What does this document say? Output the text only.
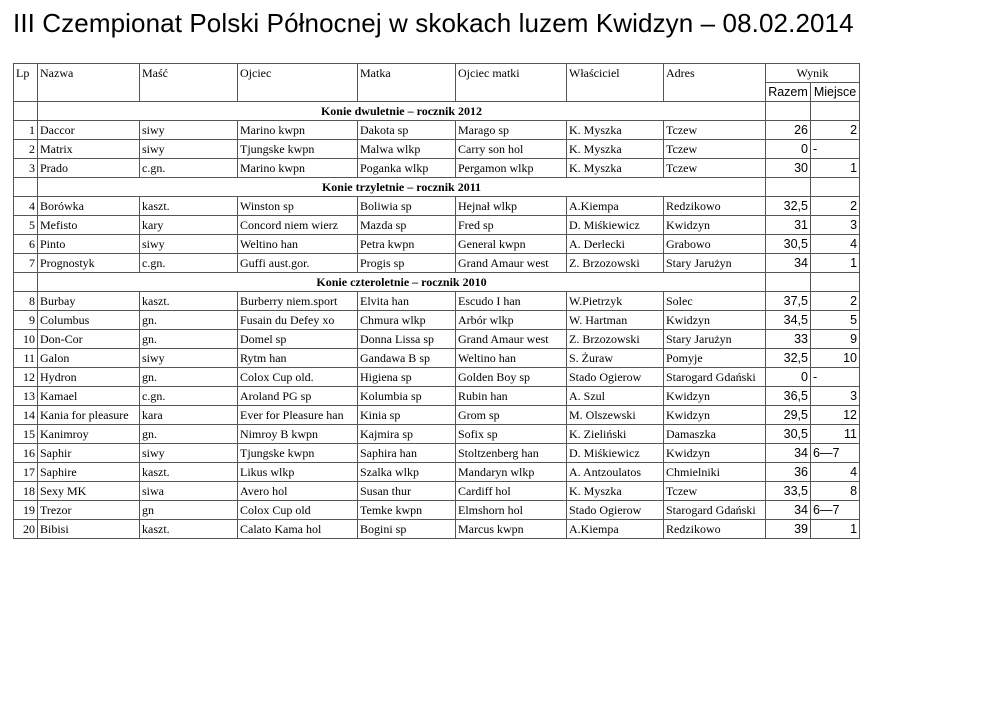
III Czempionat Polski Północnej w skokach luzem Kwidzyn – 08.02.2014
Lp	Nazwa	Maść	Ojciec	Matka	Ojciec matki	Właściciel	Adres	Wynik	
								Razem	Miejsce
	Konie dwuletnie – rocznik 2012								
1	Daccor	siwy	Marino kwpn	Dakota sp	Marago sp	K. Myszka	Tczew	26	2
2	Matrix	siwy	Tjungske kwpn	Malwa wlkp	Carry son hol	K. Myszka	Tczew	0	-
3	Prado	c.gn.	Marino kwpn	Poganka wlkp	Pergamon wlkp	K. Myszka	Tczew	30	1
	Konie trzyletnie – rocznik 2011								
4	Borówka	kaszt.	Winston sp	Boliwia sp	Hejnał wlkp	A.Kiempa	Redzikowo	32,5	2
5	Mefisto	kary	Concord niem wierz	Mazda sp	Fred sp	D. Miśkiewicz	Kwidzyn	31	3
6	Pinto	siwy	Weltino han	Petra kwpn	General kwpn	A. Derlecki	Grabowo	30,5	4
7	Prognostyk	c.gn.	Guffi aust.gor.	Progis sp	Grand Amaur west	Z. Brzozowski	Stary Jarużyn	34	1
	Konie czteroletnie – rocznik 2010								
8	Burbay	kaszt.	Burberry niem.sport	Elvita han	Escudo I han	W.Pietrzyk	Solec	37,5	2
9	Columbus	gn.	Fusain du Defey xo	Chmura wlkp	Arbór wlkp	W. Hartman	Kwidzyn	34,5	5
10	Don-Cor	gn.	Domel sp	Donna Lissa sp	Grand Amaur west	Z. Brzozowski	Stary Jarużyn	33	9
11	Galon	siwy	Rytm han	Gandawa B sp	Weltino han	S. Żuraw	Pomyje	32,5	10
12	Hydron	gn.	Colox Cup old.	Higiena sp	Golden Boy sp	Stado Ogierow	Starogard Gdański	0	-
13	Kamael	c.gn.	Aroland PG sp	Kolumbia sp	Rubin han	A. Szul	Kwidzyn	36,5	3
14	Kania for pleasure	kara	Ever for Pleasure han	Kinia sp	Grom sp	M. Olszewski	Kwidzyn	29,5	12
15	Kanimroy	gn.	Nimroy B kwpn	Kajmira sp	Sofix sp	K. Zieliński	Damaszka	30,5	11
16	Saphir	siwy	Tjungske kwpn	Saphira han	Stoltzenberg han	D. Miśkiewicz	Kwidzyn	34	6—7
17	Saphire	kaszt.	Likus wlkp	Szalka wlkp	Mandaryn wlkp	A. Antzoulatos	Chmielniki	36	4
18	Sexy MK	siwa	Avero hol	Susan thur	Cardiff hol	K. Myszka	Tczew	33,5	8
19	Trezor	gn	Colox Cup old	Temke kwpn	Elmshorn hol	Stado Ogierow	Starogard Gdański	34	6—7
20	Bibisi	kaszt.	Calato Kama hol	Bogini sp	Marcus kwpn	A.Kiempa	Redzikowo	39	1
